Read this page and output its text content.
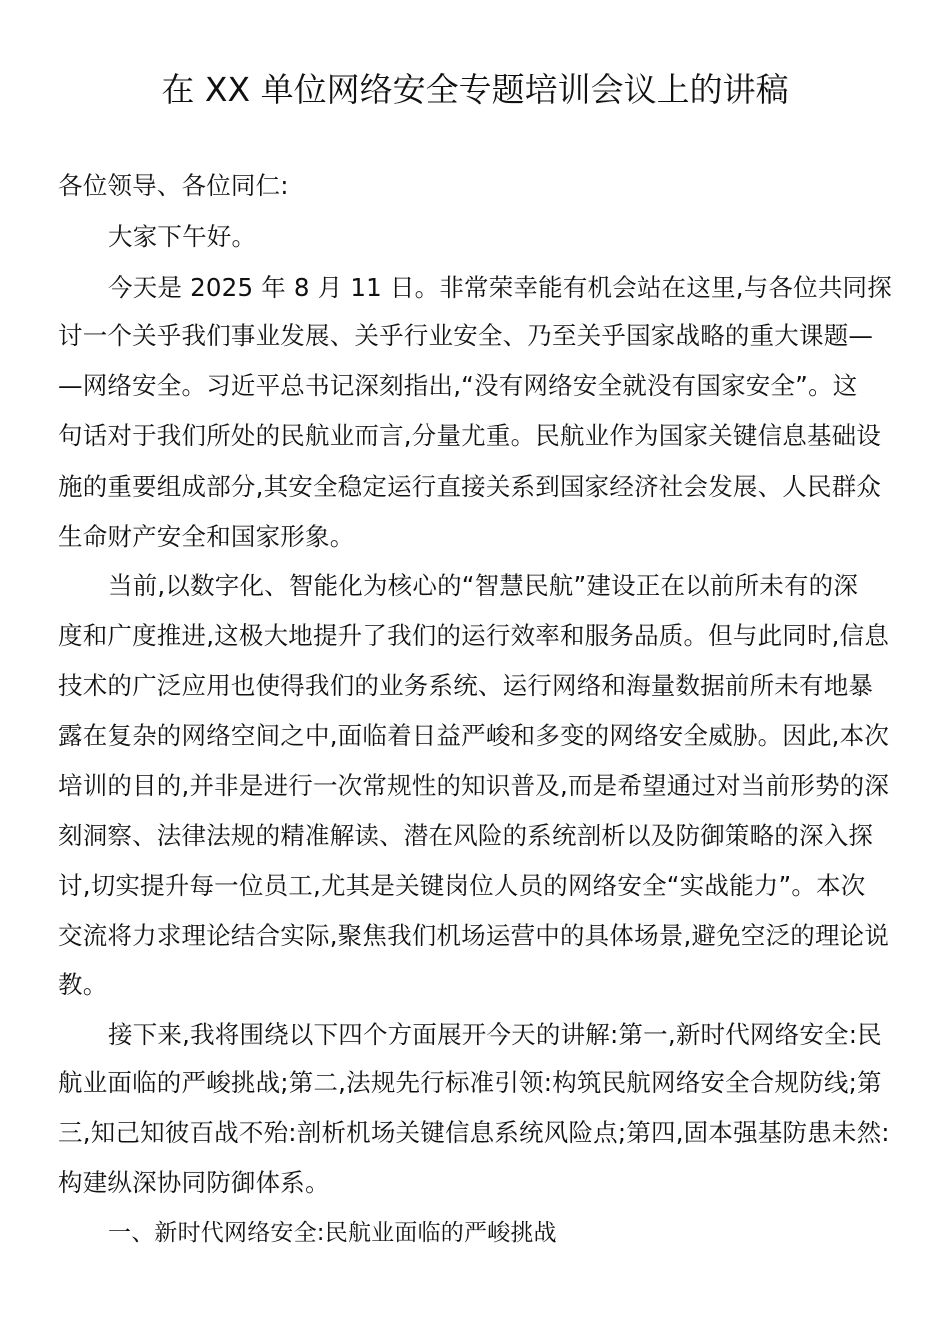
在 XX 单位网络安全专题培训会议上的讲稿
各位领导、各位同仁:
大家下午好。
今天是 2025 年 8 月 11 日。非常荣幸能有机会站在这里,与各位共同探
讨一个关乎我们事业发展、关乎行业安全、乃至关乎国家战略的重大课题—
—网络安全。习近平总书记深刻指出,“没有网络安全就没有国家安全”。这
句话对于我们所处的民航业而言,分量尤重。民航业作为国家关键信息基础设
施的重要组成部分,其安全稳定运行直接关系到国家经济社会发展、人民群众
生命财产安全和国家形象。
当前,以数字化、智能化为核心的“智慧民航”建设正在以前所未有的深
度和广度推进,这极大地提升了我们的运行效率和服务品质。但与此同时,信息
技术的广泛应用也使得我们的业务系统、运行网络和海量数据前所未有地暴
露在复杂的网络空间之中,面临着日益严峻和多变的网络安全威胁。因此,本次
培训的目的,并非是进行一次常规性的知识普及,而是希望通过对当前形势的深
刻洞察、法律法规的精准解读、潜在风险的系统剖析以及防御策略的深入探
讨,切实提升每一位员工,尤其是关键岗位人员的网络安全“实战能力”。本次
交流将力求理论结合实际,聚焦我们机场运营中的具体场景,避免空泛的理论说
教。
接下来,我将围绕以下四个方面展开今天的讲解:第一,新时代网络安全:民
航业面临的严峻挑战;第二,法规先行标准引领:构筑民航网络安全合规防线;第
三,知己知彼百战不殆:剖析机场关键信息系统风险点;第四,固本强基防患未然:
构建纵深协同防御体系。
一、新时代网络安全:民航业面临的严峻挑战
